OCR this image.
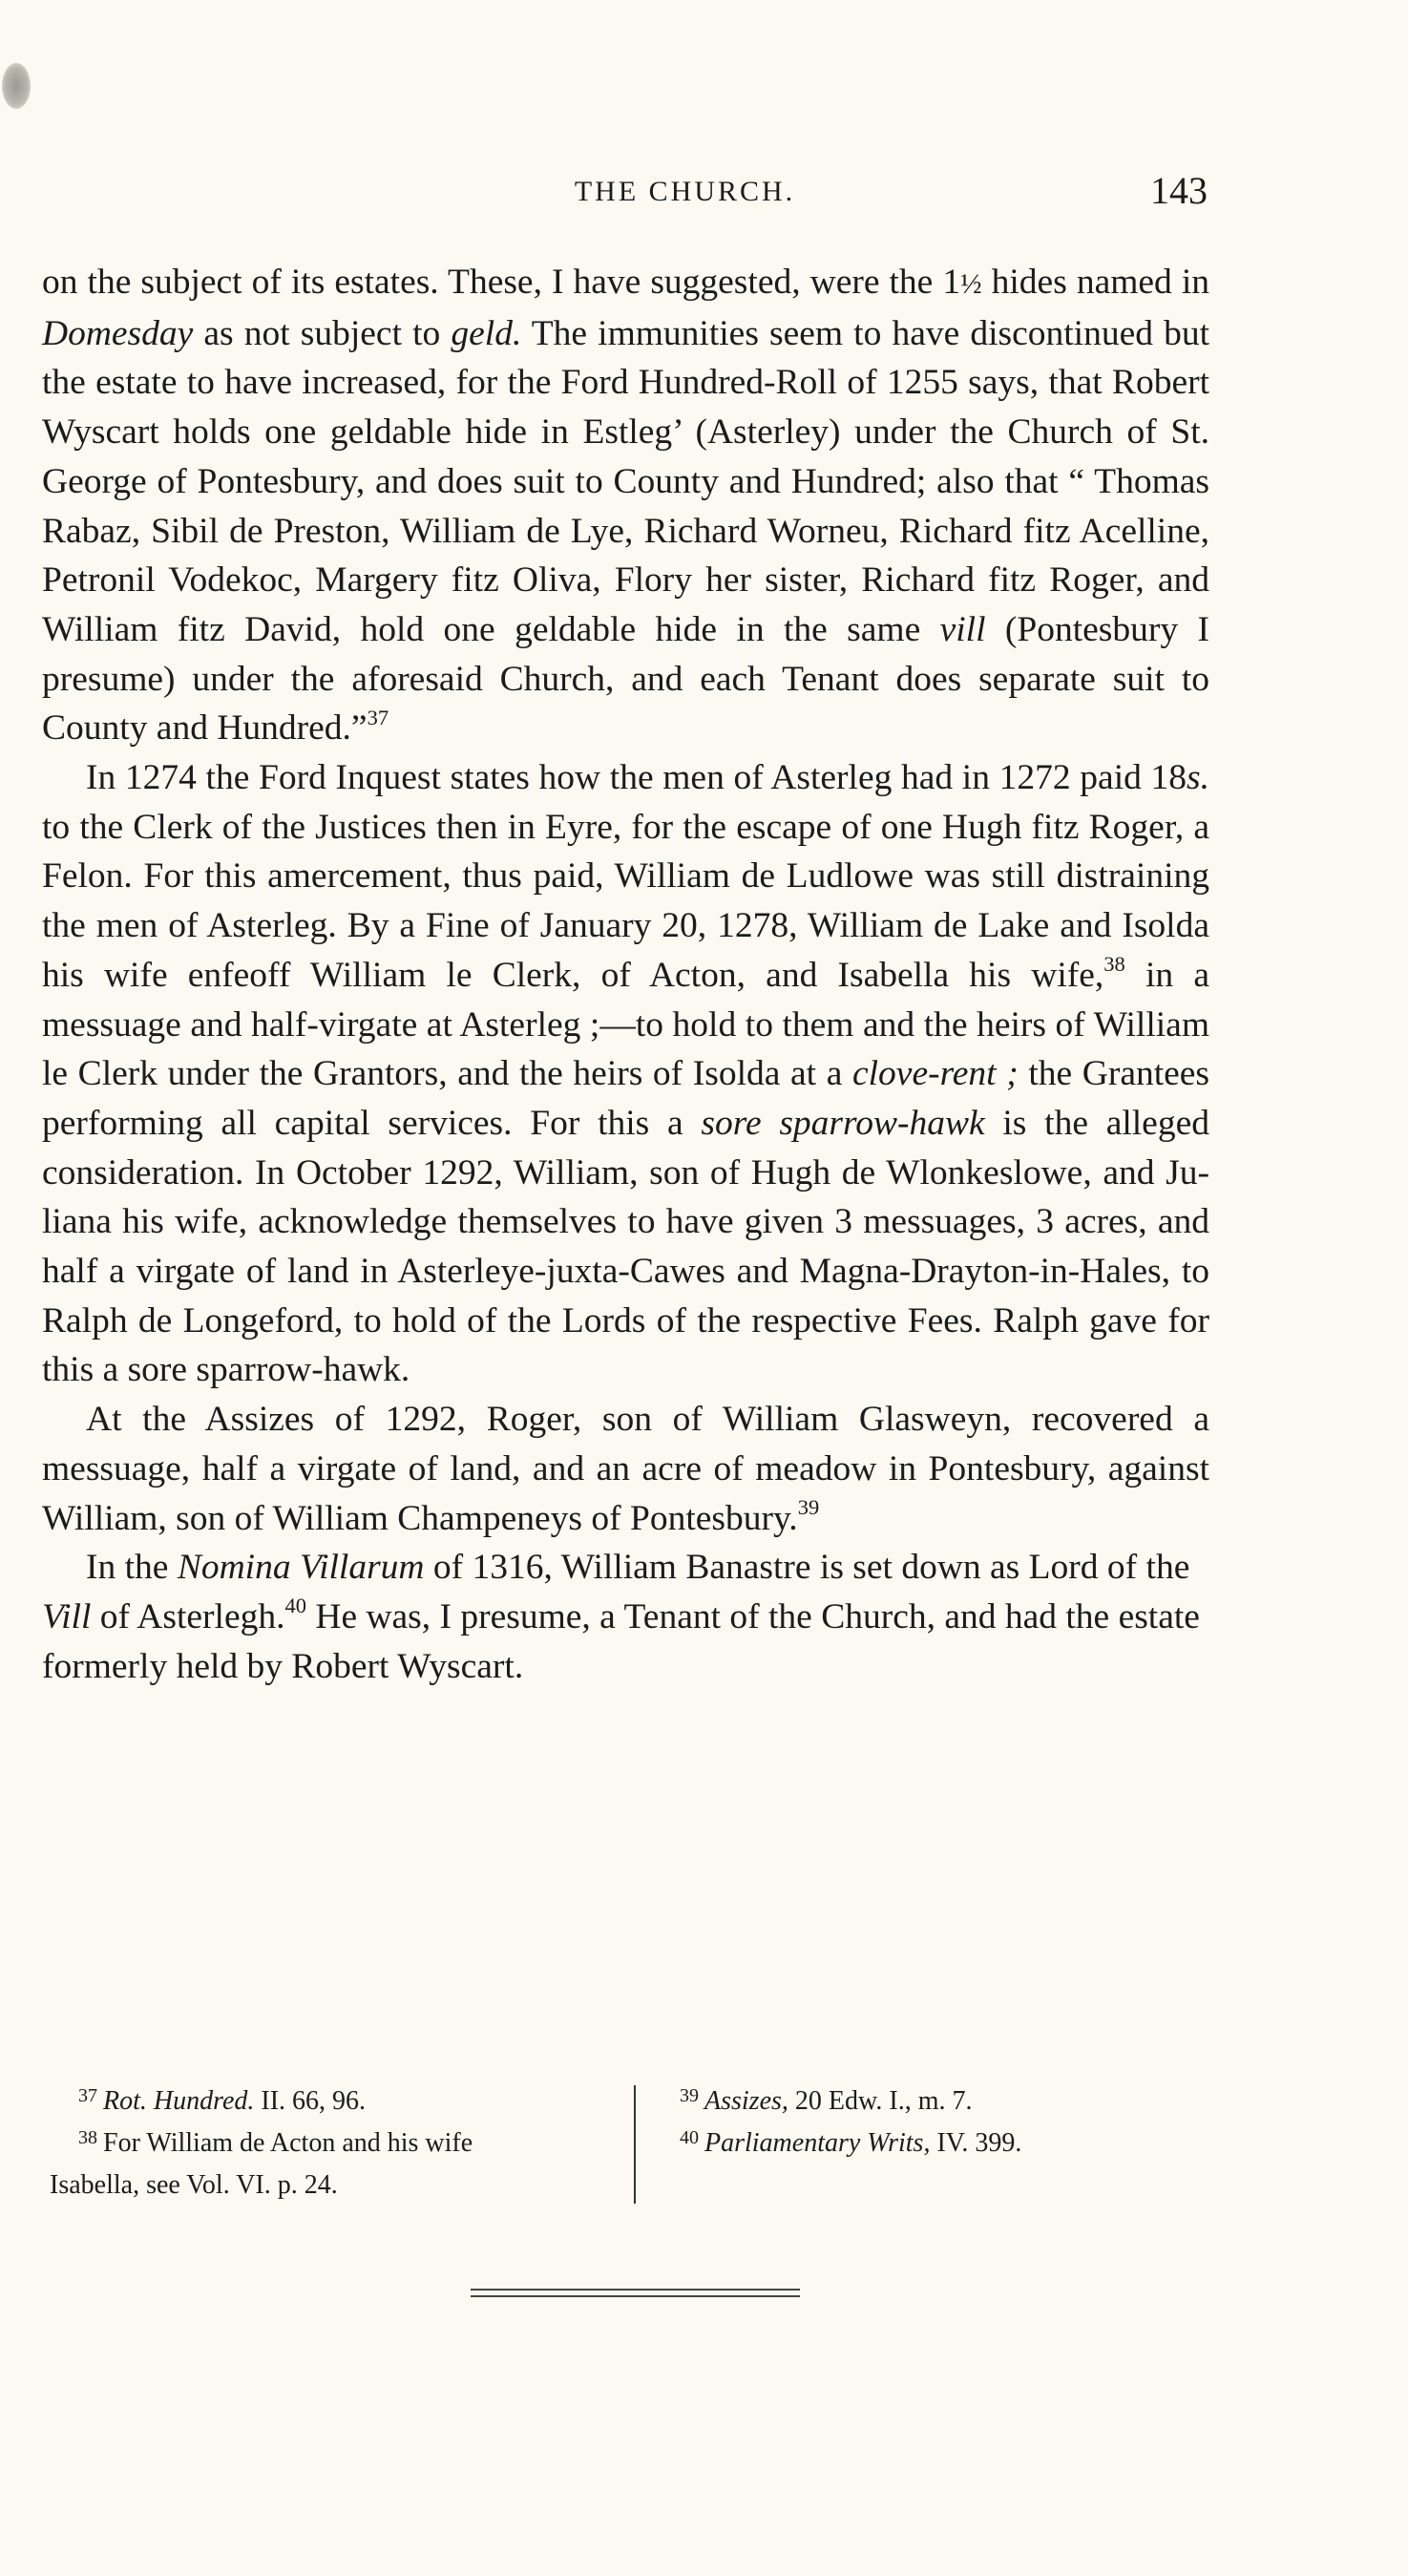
THE CHURCH.	143

on the subject of its estates. These, I have suggested, were the 1½ hides named in Domesday as not subject to geld. The immunities seem to have discontinued but the estate to have increased, for the Ford Hundred-Roll of 1255 says, that Robert Wyscart holds one geldable hide in Estleg’ (Asterley) under the Church of St. George of Pontesbury, and does suit to County and Hundred; also that “ Thomas Rabaz, Sibil de Preston, William de Lye, Richard Worneu, Richard fitz Acelline, Petronil Vodekoc, Margery fitz Oliva, Flory her sister, Richard fitz Roger, and William fitz David, hold one geldable hide in the same vill (Pontesbury I presume) under the aforesaid Church, and each Tenant does separate suit to County and Hundred.”$^{37}$

In 1274 the Ford Inquest states how the men of Asterleg had in 1272 paid 18s. to the Clerk of the Justices then in Eyre, for the escape of one Hugh fitz Roger, a Felon. For this amercement, thus paid, William de Ludlowe was still distraining the men of Asterleg. By a Fine of January 20, 1278, William de Lake and Isolda his wife enfeoff William le Clerk, of Acton, and Isabella his wife,$^{38}$ in a messuage and half-virgate at Asterleg ;—to hold to them and the heirs of William le Clerk under the Grantors, and the heirs of Isolda at a clove-rent ; the Grantees performing all capital services. For this a sore sparrow-hawk is the alleged consideration. In October 1292, William, son of Hugh de Wlonkeslowe, and Juliana his wife, acknowledge themselves to have given 3 messuages, 3 acres, and half a virgate of land in Asterleye-juxta-Cawes and Magna-Drayton-in-Hales, to Ralph de Longeford, to hold of the Lords of the respective Fees. Ralph gave for this a sore sparrow-hawk.

At the Assizes of 1292, Roger, son of William Glasweyn, recovered a messuage, half a virgate of land, and an acre of meadow in Pontesbury, against William, son of William Champeneys of Pontesbury.$^{39}$

In the Nomina Villarum of 1316, William Banastre is set down as Lord of the Vill of Asterlegh.$^{40}$ He was, I presume, a Tenant of the Church, and had the estate formerly held by Robert Wyscart.

$^{37}$ Rot. Hundred. II. 66, 96.
$^{38}$ For William de Acton and his wife
Isabella, see Vol. VI. p. 24.
$^{39}$ Assizes, 20 Edw. I., m. 7.
$^{40}$ Parliamentary Writs, IV. 399.
